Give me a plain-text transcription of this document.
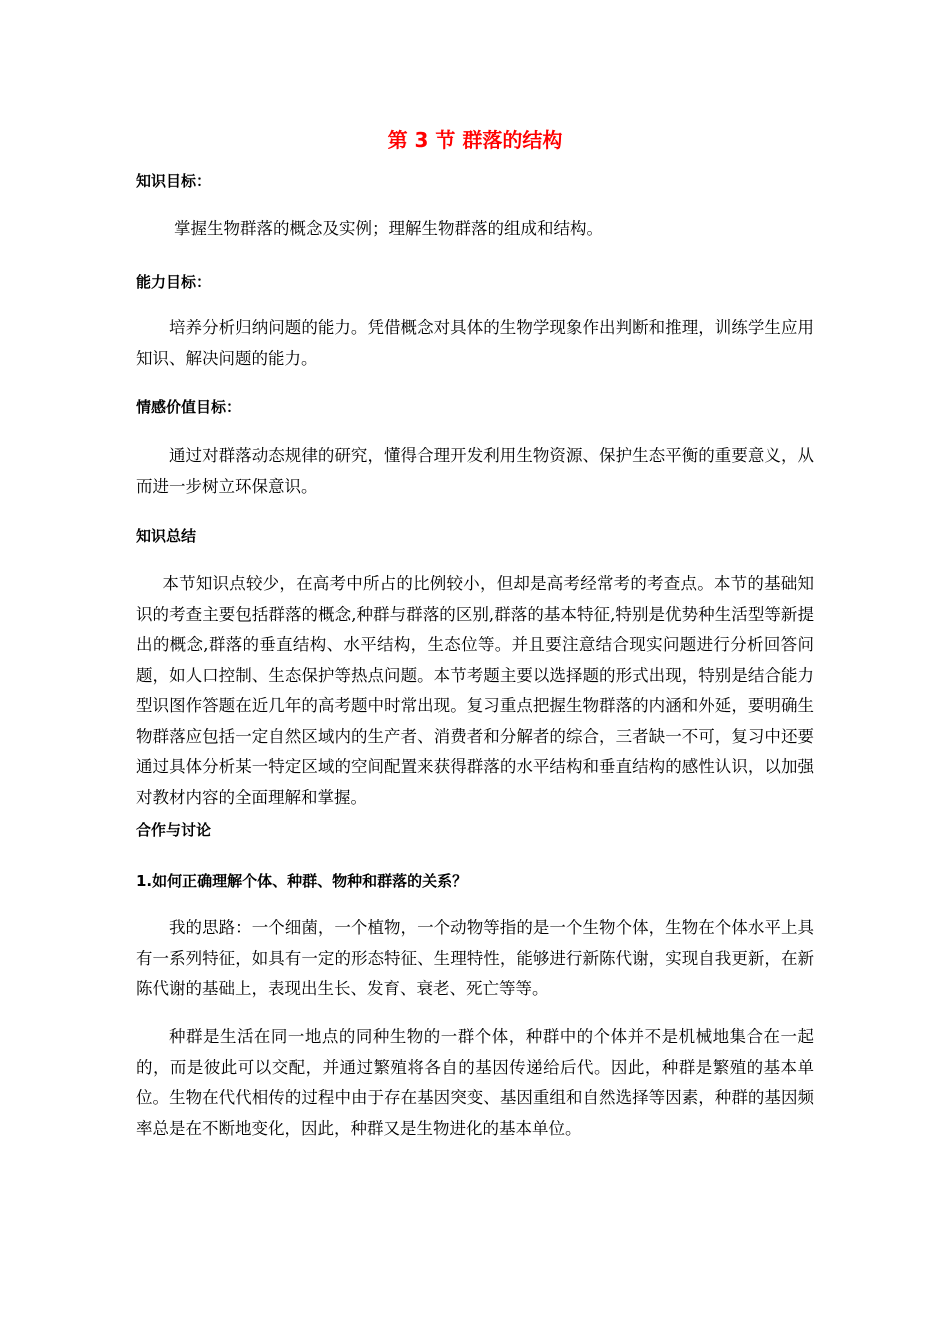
第 3 节 群落的结构
知识目标：
掌握生物群落的概念及实例；理解生物群落的组成和结构。
能力目标：
培养分析归纳问题的能力。凭借概念对具体的生物学现象作出判断和推理，训练学生应用知识、解决问题的能力。
情感价值目标：
通过对群落动态规律的研究，懂得合理开发利用生物资源、保护生态平衡的重要意义，从而进一步树立环保意识。
知识总结
本节知识点较少，在高考中所占的比例较小，但却是高考经常考的考查点。本节的基础知识的考查主要包括群落的概念,种群与群落的区别,群落的基本特征,特别是优势种生活型等新提出的概念,群落的垂直结构、水平结构，生态位等。并且要注意结合现实问题进行分析回答问题，如人口控制、生态保护等热点问题。本节考题主要以选择题的形式出现，特别是结合能力型识图作答题在近几年的高考题中时常出现。复习重点把握生物群落的内涵和外延，要明确生物群落应包括一定自然区域内的生产者、消费者和分解者的综合，三者缺一不可，复习中还要通过具体分析某一特定区域的空间配置来获得群落的水平结构和垂直结构的感性认识，以加强对教材内容的全面理解和掌握。
合作与讨论
1.如何正确理解个体、种群、物种和群落的关系？
我的思路：一个细菌，一个植物，一个动物等指的是一个生物个体，生物在个体水平上具有一系列特征，如具有一定的形态特征、生理特性，能够进行新陈代谢，实现自我更新，在新陈代谢的基础上，表现出生长、发育、衰老、死亡等等。
种群是生活在同一地点的同种生物的一群个体，种群中的个体并不是机械地集合在一起的，而是彼此可以交配，并通过繁殖将各自的基因传递给后代。因此，种群是繁殖的基本单位。生物在代代相传的过程中由于存在基因突变、基因重组和自然选择等因素，种群的基因频率总是在不断地变化，因此，种群又是生物进化的基本单位。
